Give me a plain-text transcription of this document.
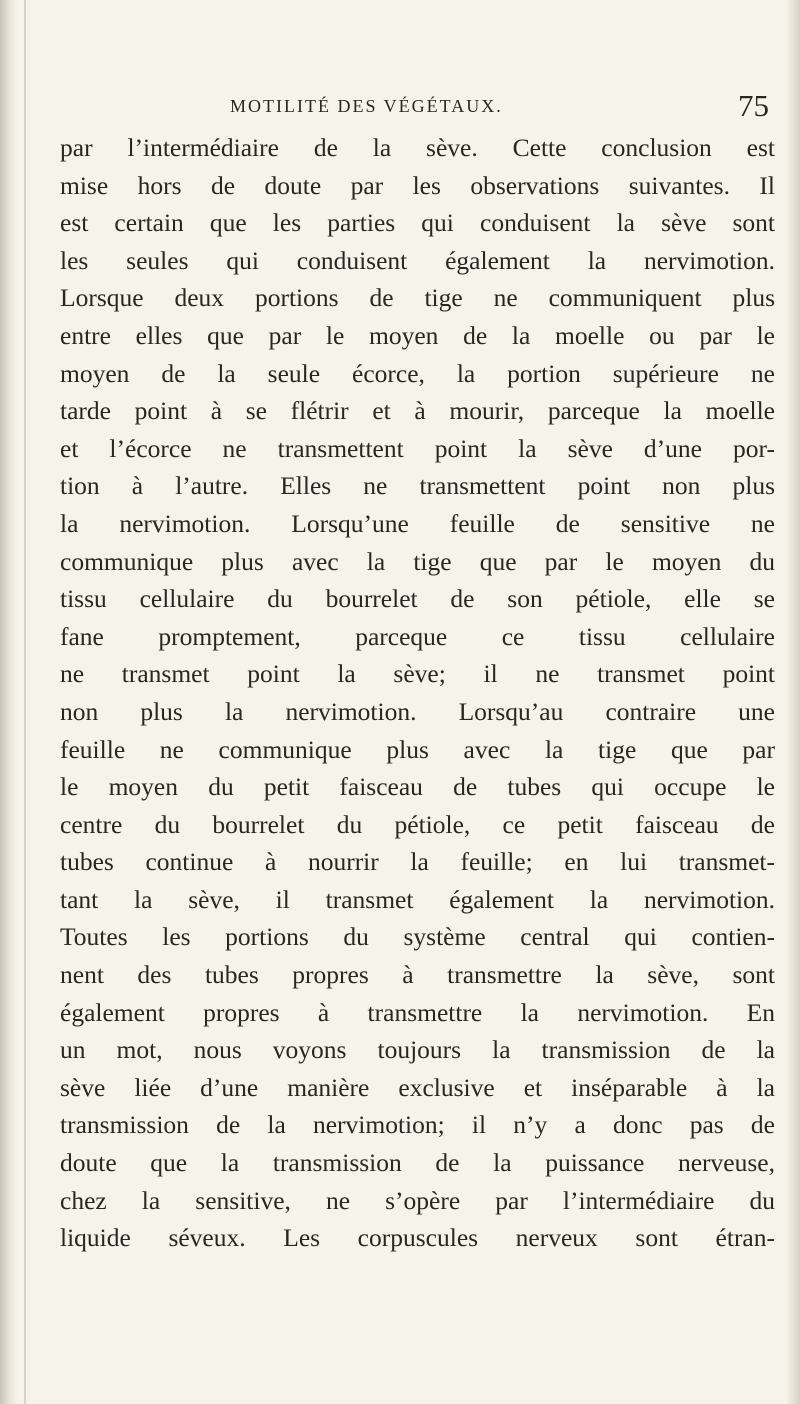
MOTILITÉ DES VÉGÉTAUX.	75
par l’intermédiaire de la sève. Cette conclusion est
mise hors de doute par les observations suivantes. Il
est certain que les parties qui conduisent la sève sont
les seules qui conduisent également la nervimotion.
Lorsque deux portions de tige ne communiquent plus
entre elles que par le moyen de la moelle ou par le
moyen de la seule écorce, la portion supérieure ne
tarde point à se flétrir et à mourir, parceque la moelle
et l’écorce ne transmettent point la sève d’une por-
tion à l’autre. Elles ne transmettent point non plus
la nervimotion. Lorsqu’une feuille de sensitive ne
communique plus avec la tige que par le moyen du
tissu cellulaire du bourrelet de son pétiole, elle se
fane promptement, parceque ce tissu cellulaire
ne transmet point la sève; il ne transmet point
non plus la nervimotion. Lorsqu’au contraire une
feuille ne communique plus avec la tige que par
le moyen du petit faisceau de tubes qui occupe le
centre du bourrelet du pétiole, ce petit faisceau de
tubes continue à nourrir la feuille; en lui transmet-
tant la sève, il transmet également la nervimotion.
Toutes les portions du système central qui contien-
nent des tubes propres à transmettre la sève, sont
également propres à transmettre la nervimotion. En
un mot, nous voyons toujours la transmission de la
sève liée d’une manière exclusive et inséparable à la
transmission de la nervimotion; il n’y a donc pas de
doute que la transmission de la puissance nerveuse,
chez la sensitive, ne s’opère par l’intermédiaire du
liquide séveux. Les corpuscules nerveux sont étran-
